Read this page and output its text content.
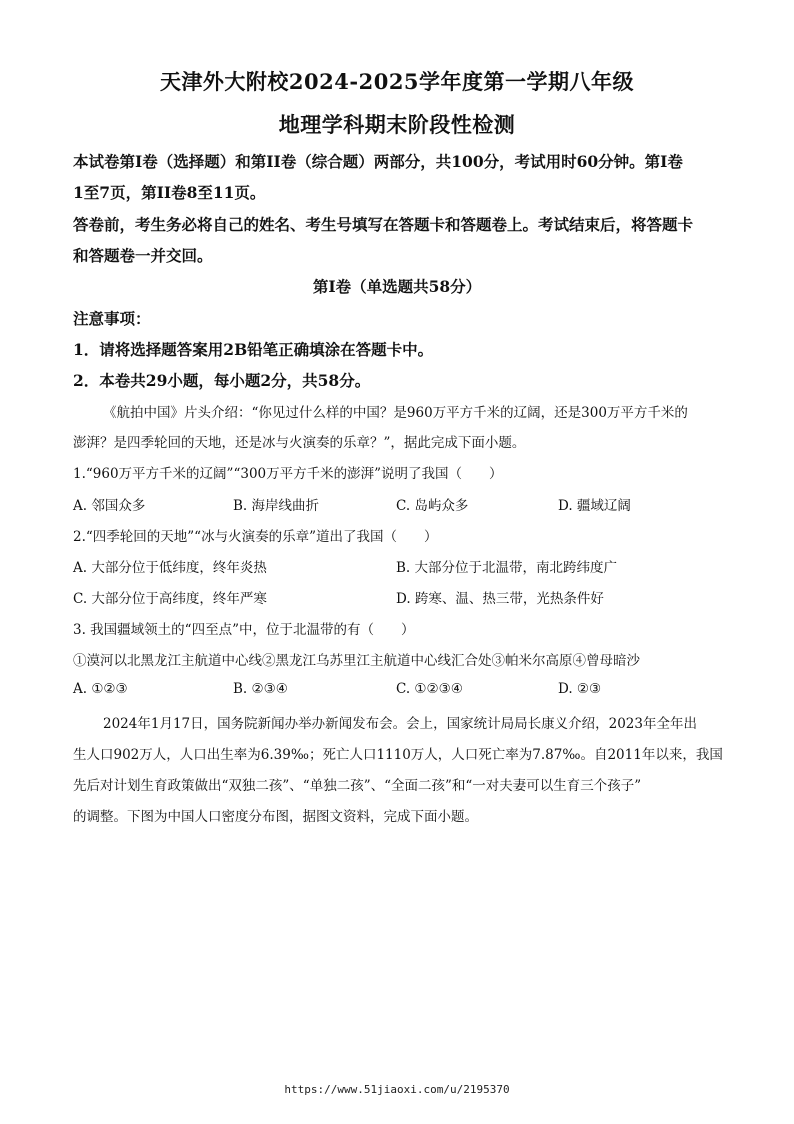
天津外大附校2024-2025学年度第一学期八年级
地理学科期末阶段性检测
本试卷第I卷（选择题）和第II卷（综合题）两部分，共100分，考试用时60分钟。第I卷
1至7页，第II卷8至11页。
答卷前，考生务必将自己的姓名、考生号填写在答题卡和答题卷上。考试结束后，将答题卡
和答题卷一并交回。
第I卷（单选题共58分）
注意事项：
1．请将选择题答案用2B铅笔正确填涂在答题卡中。
2．本卷共29小题，每小题2分，共58分。
《航拍中国》片头介绍：“你见过什么样的中国？是960万平方千米的辽阔，还是300万平方千米的
澎湃？是四季轮回的天地，还是冰与火演奏的乐章？”，据此完成下面小题。
1.“960万平方千米的辽阔”“300万平方千米的澎湃”说明了我国（　　）
A. 邻国众多	B. 海岸线曲折	C. 岛屿众多	D. 疆域辽阔
2.“四季轮回的天地”“冰与火演奏的乐章”道出了我国（　　）
A. 大部分位于低纬度，终年炎热	B. 大部分位于北温带，南北跨纬度广
C. 大部分位于高纬度，终年严寒	D. 跨寒、温、热三带，光热条件好
3. 我国疆域领土的“四至点”中，位于北温带的有（　　）
①漠河以北黑龙江主航道中心线②黑龙江乌苏里江主航道中心线汇合处③帕米尔高原④曾母暗沙
A. ①②③	B. ②③④	C. ①②③④	D. ②③
2024年1月17日，国务院新闻办举办新闻发布会。会上，国家统计局局长康义介绍，2023年全年出
生人口902万人，人口出生率为6.39‰；死亡人口1110万人，人口死亡率为7.87‰。自2011年以来，我国
先后对计划生育政策做出“双独二孩”、“单独二孩”、“全面二孩”和“一对夫妻可以生育三个孩子”
的调整。下图为中国人口密度分布图，据图文资料，完成下面小题。
https://www.51jiaoxi.com/u/2195370
